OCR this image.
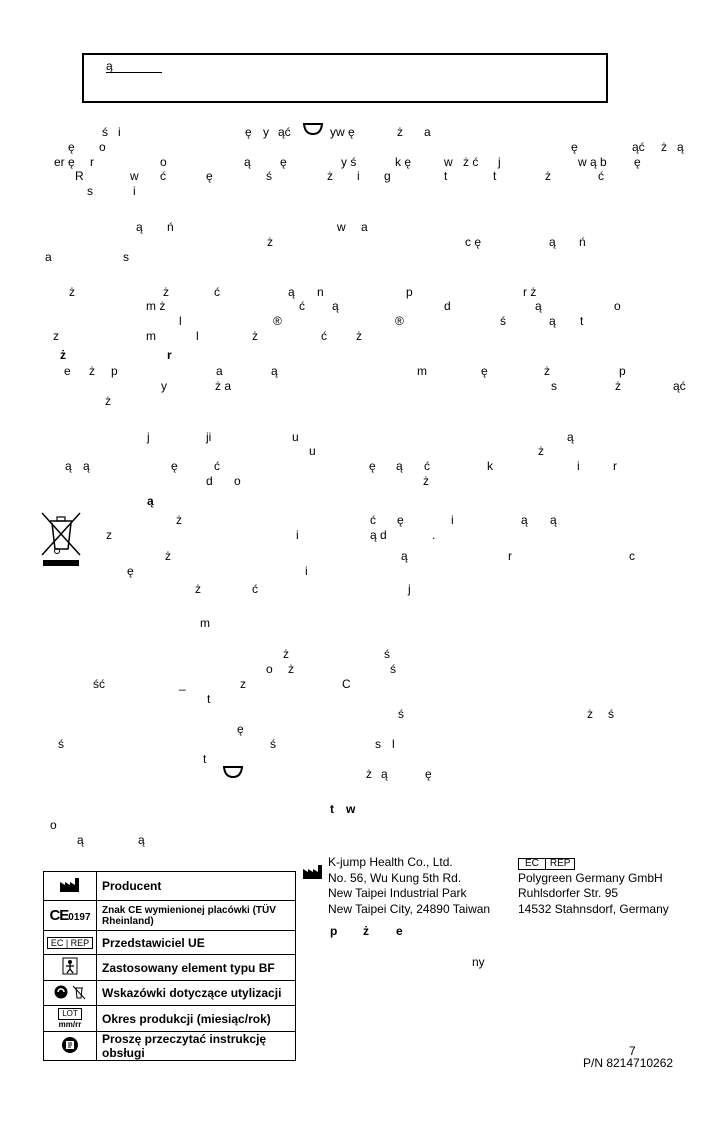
ą
ś i	ę y ąć	yw ę	ż a
ę o	ę	ąć ż ą
er ę r	o	ą ę	y ś	k ę	w ż ć j	w ą b ę
R	w ć	ę	ś	ż i g	t	t	ż	ć
s	i
ą ń	w a
ż	c ę	ą ń
a	s
ż	ż	ć	ą n	p	r ż
m ż	ć ą	d	ą	o
l	®	®	ś	ą t
z	m	l	ż	ć ż
ż	r
e ż p	a	ą	m	ę	ż	p
y	ż a	s	ż	ąć
ż
j	ji	u	ą
u	ż
ą ą	ę	ć	ę ą ć	k	i	r
d o	ż
ą
ż	ć ę	i	ą ą
z	i	ą d	.
ż	ą	r	c
ę	i
ż	ć	j
m
ż	ś
o ż	ś
ść	_	z	C
t
ś	ż ś
ę
ś	ś	s l
t
ż ą	ę
t w
o
ą	ą
p ż e
ny
	Producent
CE0197	Znak CE wymienionej placówki (TÜV Rheinland)
EC | REP	Przedstawiciel UE
	Zastosowany element typu BF
	Wskazówki dotyczące utylizacji
LOT
mm/rr	Okres produkcji (miesiąc/rok)
	Proszę przeczytać instrukcję obsługi
K-jump Health Co., Ltd.
No. 56, Wu Kung 5th Rd.
New Taipei Industrial Park
New Taipei City, 24890 Taiwan
EC REP
Polygreen Germany GmbH
Ruhlsdorfer Str. 95
14532 Stahnsdorf, Germany
7
P/N 8214710262
